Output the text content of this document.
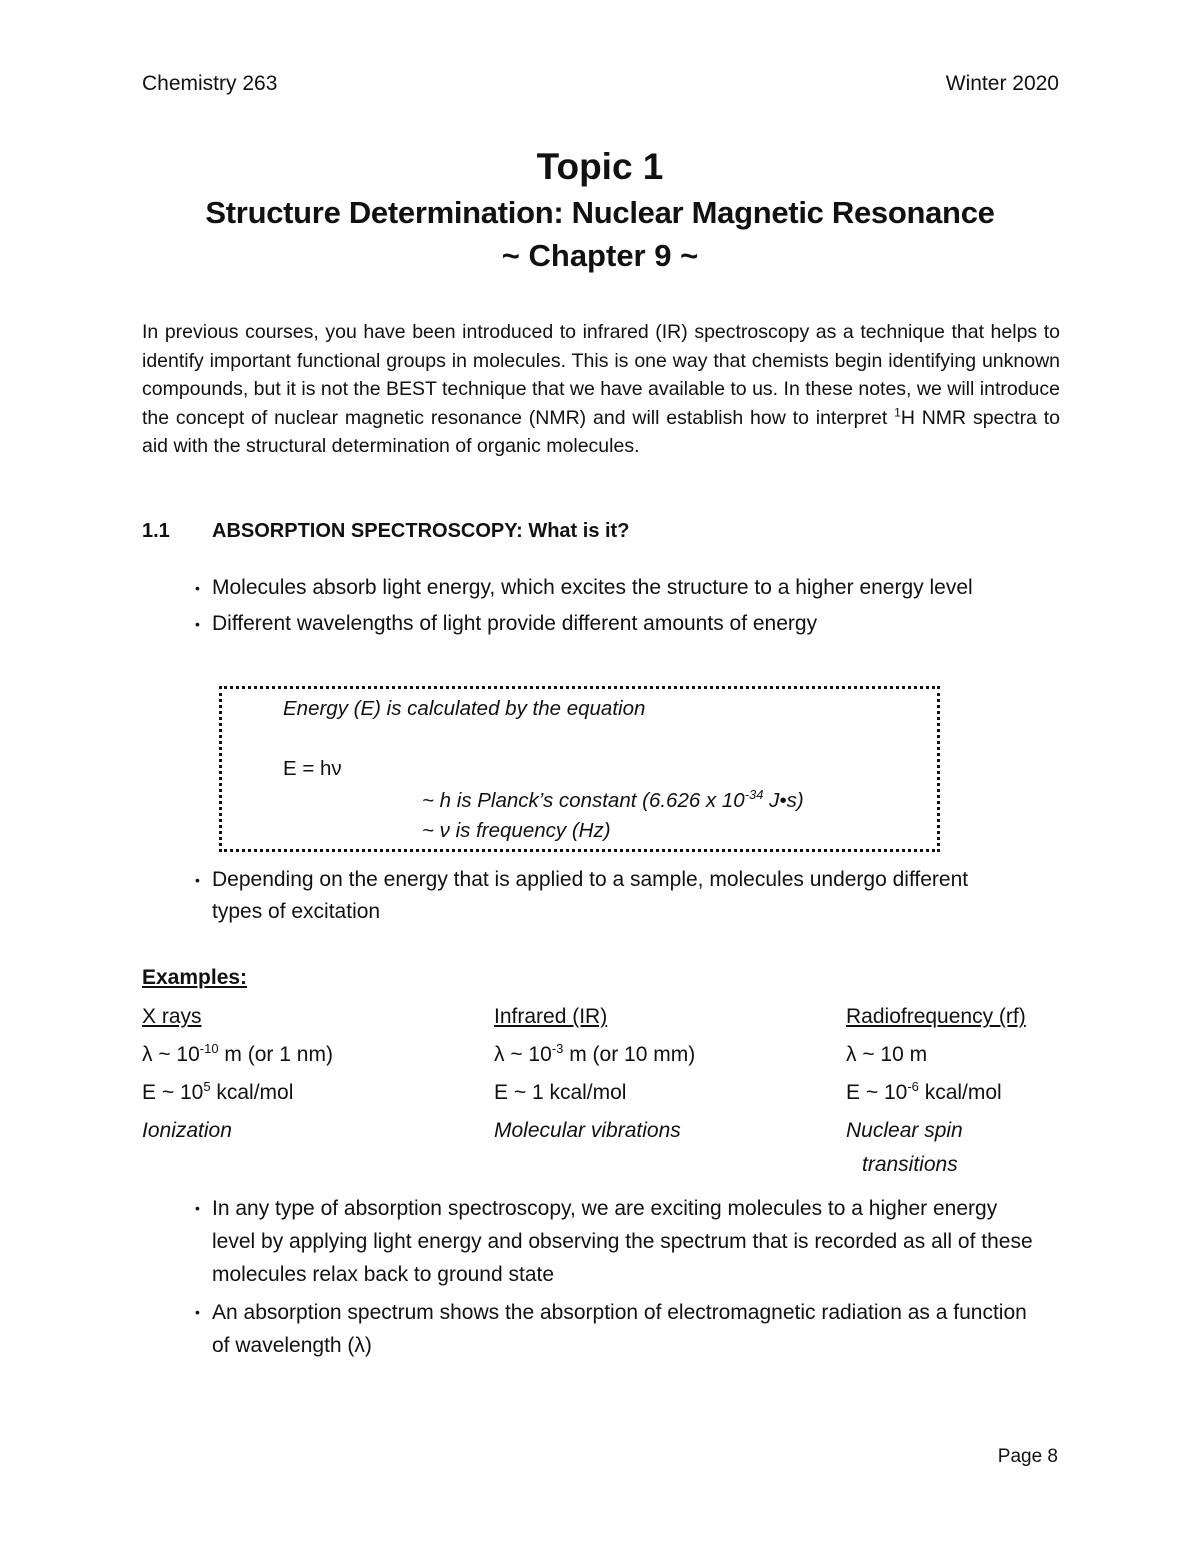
Chemistry 263	Winter 2020
Topic 1
Structure Determination: Nuclear Magnetic Resonance
~ Chapter 9 ~

In previous courses, you have been introduced to infrared (IR) spectroscopy as a technique that helps to identify important functional groups in molecules. This is one way that chemists begin identifying unknown compounds, but it is not the BEST technique that we have available to us. In these notes, we will introduce the concept of nuclear magnetic resonance (NMR) and will establish how to interpret $^1$H NMR spectra to aid with the structural determination of organic molecules.

1.1 ABSORPTION SPECTROSCOPY: What is it?
• Molecules absorb light energy, which excites the structure to a higher energy level
• Different wavelengths of light provide different amounts of energy
Energy (E) is calculated by the equation
E = hν
~ h is Planck’s constant (6.626 x $10^{-34}$ J•s)
~ ν is frequency (Hz)
• Depending on the energy that is applied to a sample, molecules undergo different types of excitation
Examples:
X rays
λ ~ $10^{-10}$ m (or 1 nm)
E ~ $10^5$ kcal/mol
Ionization
Infrared (IR)
λ ~ $10^{-3}$ m (or 10 mm)
E ~ 1 kcal/mol
Molecular vibrations
Radiofrequency (rf)
λ ~ 10 m
E ~ $10^{-6}$ kcal/mol
Nuclear spin
transitions
• In any type of absorption spectroscopy, we are exciting molecules to a higher energy level by applying light energy and observing the spectrum that is recorded as all of these molecules relax back to ground state
• An absorption spectrum shows the absorption of electromagnetic radiation as a function of wavelength (λ)
Page 8
